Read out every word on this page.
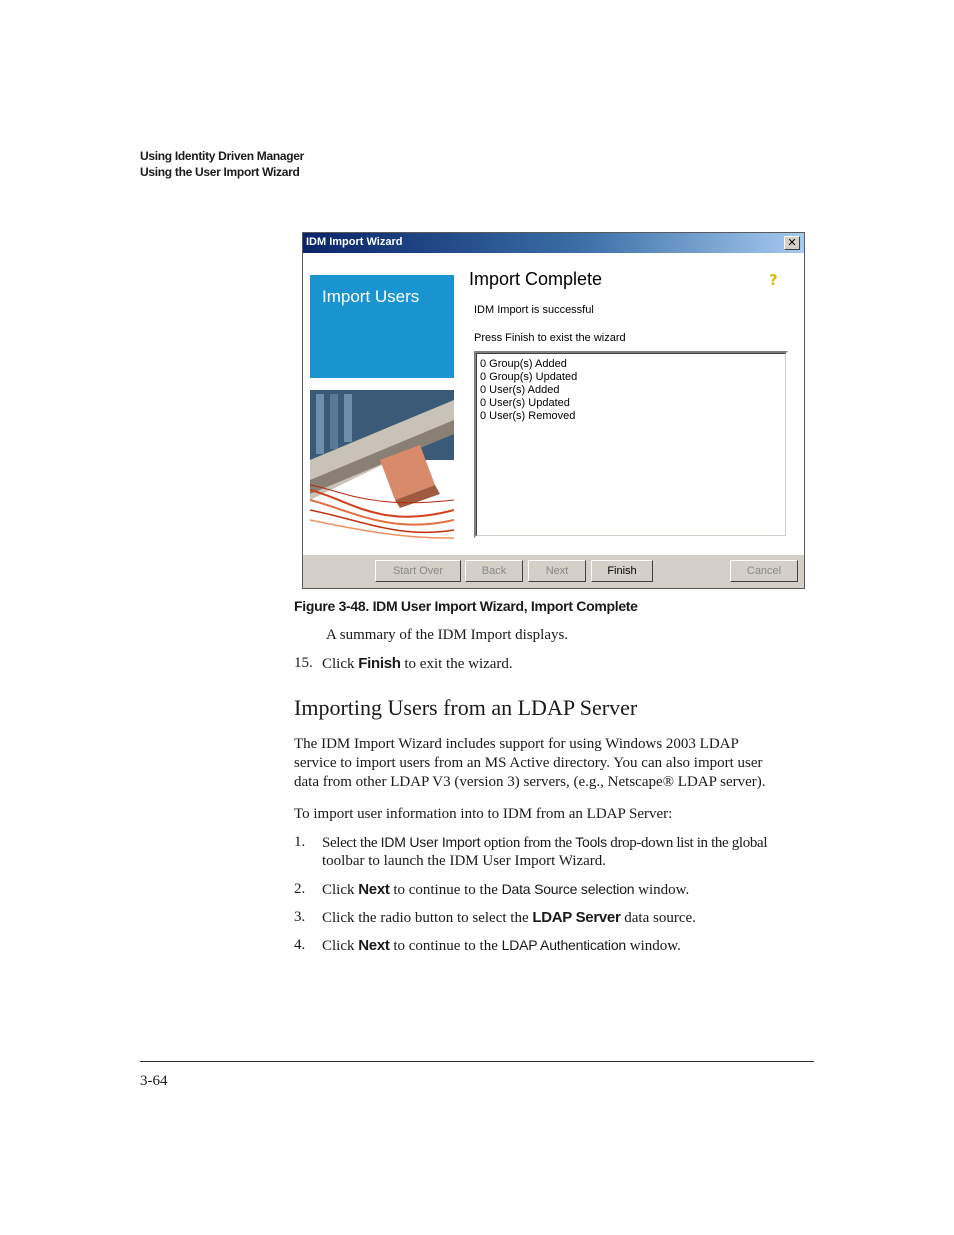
Using Identity Driven Manager
Using the User Import Wizard
IDM Import Wizard	✕
Import Users
Import Complete	?
IDM Import is successful
Press Finish to exist the wizard
0 Group(s) Added
0 Group(s) Updated
0 User(s) Added
0 User(s) Updated
0 User(s) Removed
Start Over	Back	Next	Finish	Cancel
Figure 3-48. IDM User Import Wizard, Import Complete
A summary of the IDM Import displays.
15. Click Finish to exit the wizard.
Importing Users from an LDAP Server
The IDM Import Wizard includes support for using Windows 2003 LDAP
service to import users from an MS Active directory. You can also import user
data from other LDAP V3 (version 3) servers, (e.g., Netscape® LDAP server).
To import user information into to IDM from an LDAP Server:
1. Select the IDM User Import option from the Tools drop-down list in the global
toolbar to launch the IDM User Import Wizard.
2. Click Next to continue to the Data Source selection window.
3. Click the radio button to select the LDAP Server data source.
4. Click Next to continue to the LDAP Authentication window.
3-64
